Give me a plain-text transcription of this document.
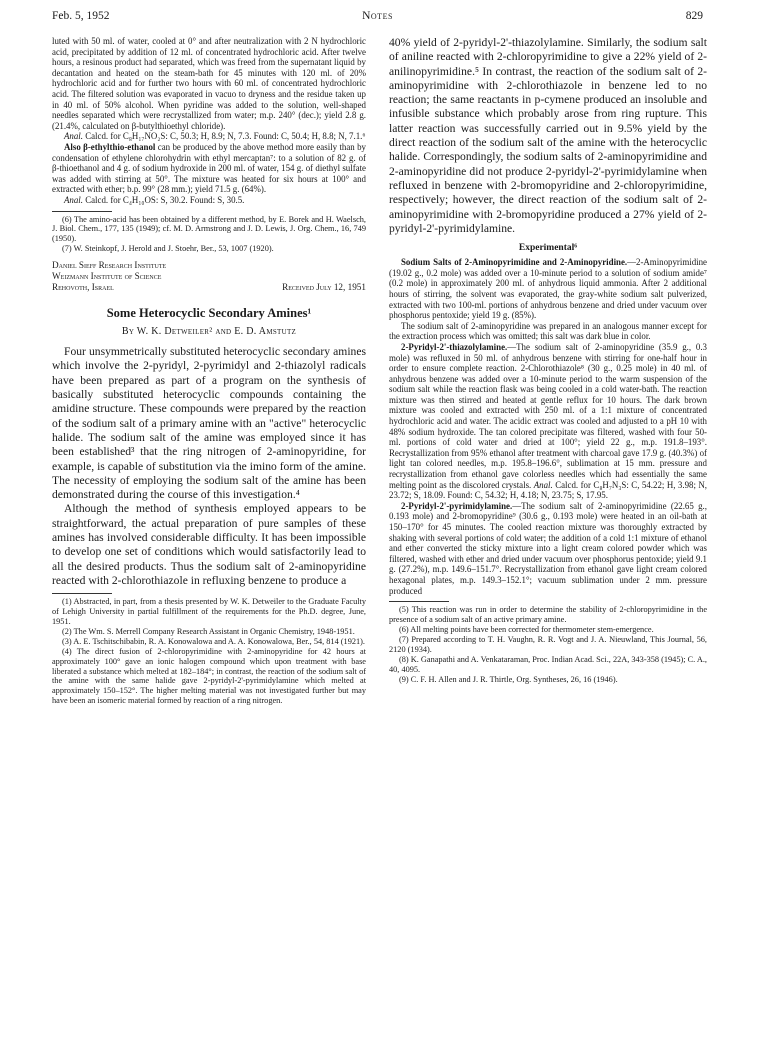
Feb. 5, 1952	Notes	829

luted with 50 ml. of water, cooled at 0° and after neutralization with 2 N hydrochloric acid, precipitated by addition of 12 ml. of concentrated hydrochloric acid. After twelve hours, a resinous product had separated, which was freed from the supernatant liquid by decantation and heated on the steam-bath for 45 minutes with 120 ml. of 20% hydrochloric acid and for further two hours with 60 ml. of concentrated hydrochloric acid. The filtered solution was evaporated in vacuo to dryness and the residue taken up in 40 ml. of 50% alcohol. When pyridine was added to the solution, well-shaped needles separated which were recrystallized from water; m.p. 240° (dec.); yield 2.8 g. (21.4%, calculated on β-butylthioethyl chloride).

Anal. Calcd. for C₈H₁₇NO₂S: C, 50.3; H, 8.9; N, 7.3. Found: C, 50.4; H, 8.8; N, 7.1.⁶

Also β-ethylthio-ethanol can be produced by the above method more easily than by condensation of ethylene chlorohydrin with ethyl mercaptan⁷: to a solution of 82 g. of β-thioethanol and 4 g. of sodium hydroxide in 200 ml. of water, 154 g. of diethyl sulfate was added with stirring at 50°. The mixture was heated for six hours at 100° and extracted with ether; b.p. 99° (28 mm.); yield 71.5 g. (64%).

Anal. Calcd. for C₄H₁₀OS: S, 30.2. Found: S, 30.5.

(6) The amino-acid has been obtained by a different method, by E. Borek and H. Waelsch, J. Biol. Chem., 177, 135 (1949); cf. M. D. Armstrong and J. D. Lewis, J. Org. Chem., 16, 749 (1950).

(7) W. Steinkopf, J. Herold and J. Stoehr, Ber., 53, 1007 (1920).

Daniel Sieff Research Institute
Weizmann Institute of Science
Rehovoth, Israel	Received July 12, 1951
Some Heterocyclic Secondary Amines¹
By W. K. Detweiler² and E. D. Amstutz

Four unsymmetrically substituted heterocyclic secondary amines which involve the 2-pyridyl, 2-pyrimidyl and 2-thiazolyl radicals have been prepared as part of a program on the synthesis of basically substituted heterocyclic compounds containing the amidine structure. These compounds were prepared by the reaction of the sodium salt of a primary amine with an "active" heterocyclic halide. The sodium salt of the amine was employed since it has been established³ that the ring nitrogen of 2-aminopyridine, for example, is capable of substitution via the imino form of the amine. The necessity of employing the sodium salt of the amine has been demonstrated during the course of this investigation.⁴

Although the method of synthesis employed appears to be straightforward, the actual preparation of pure samples of these amines has involved considerable difficulty. It has been impossible to develop one set of conditions which would satisfactorily lead to all the desired products. Thus the sodium salt of 2-aminopyridine reacted with 2-chlorothiazole in refluxing benzene to produce a

(1) Abstracted, in part, from a thesis presented by W. K. Detweiler to the Graduate Faculty of Lehigh University in partial fulfillment of the requirements for the Ph.D. degree, June, 1951.

(2) The Wm. S. Merrell Company Research Assistant in Organic Chemistry, 1948-1951.

(3) A. E. Tschitschibabin, R. A. Konowalowa and A. A. Konowalowa, Ber., 54, 814 (1921).

(4) The direct fusion of 2-chloropyrimidine with 2-aminopyridine for 42 hours at approximately 100° gave an ionic halogen compound which upon treatment with base liberated a substance which melted at 182–184°; in contrast, the reaction of the sodium salt of the amine with the same halide gave 2-pyridyl-2'-pyrimidylamine which melted at approximately 150–152°. The higher melting material was not investigated further but may have been an isomeric material formed by reaction of a ring nitrogen.

40% yield of 2-pyridyl-2'-thiazolylamine. Similarly, the sodium salt of aniline reacted with 2-chloropyrimidine to give a 22% yield of 2-anilinopyrimidine.⁵ In contrast, the reaction of the sodium salt of 2-aminopyrimidine with 2-chlorothiazole in benzene led to no reaction; the same reactants in p-cymene produced an insoluble and infusible substance which probably arose from ring rupture. This latter reaction was successfully carried out in 9.5% yield by the direct reaction of the sodium salt of the amine with the heterocyclic halide. Correspondingly, the sodium salts of 2-aminopyrimidine and 2-aminopyridine did not produce 2-pyridyl-2'-pyrimidylamine when refluxed in benzene with 2-bromopyridine and 2-chloropyrimidine, respectively; however, the direct reaction of the sodium salt of 2-aminopyrimidine with 2-bromopyridine produced a 27% yield of 2-pyridyl-2'-pyrimidylamine.

Experimental⁶

Sodium Salts of 2-Aminopyrimidine and 2-Aminopyridine.—2-Aminopyrimidine (19.02 g., 0.2 mole) was added over a 10-minute period to a solution of sodium amide⁷ (0.2 mole) in approximately 200 ml. of anhydrous liquid ammonia. After 2 additional hours of stirring, the solvent was evaporated, the gray-white sodium salt pulverized, extracted with two 100-ml. portions of anhydrous benzene and dried under vacuum over phosphorus pentoxide; yield 19 g. (85%).

The sodium salt of 2-aminopyridine was prepared in an analogous manner except for the extraction process which was omitted; this salt was dark blue in color.

2-Pyridyl-2'-thiazolylamine.—The sodium salt of 2-aminopyridine (35.9 g., 0.3 mole) was refluxed in 50 ml. of anhydrous benzene with stirring for one-half hour in order to ensure complete reaction. 2-Chlorothiazole⁸ (30 g., 0.25 mole) in 40 ml. of anhydrous benzene was added over a 10-minute period to the warm suspension of the sodium salt while the reaction flask was being cooled in a cold water-bath. The reaction mixture was then stirred and heated at gentle reflux for 10 hours. The dark brown mixture was cooled and extracted with 250 ml. of a 1:1 mixture of concentrated hydrochloric acid and water. The acidic extract was cooled and adjusted to a pH 10 with 48% sodium hydroxide. The tan colored precipitate was filtered, washed with four 50-ml. portions of cold water and dried at 100°; yield 22 g., m.p. 191.8–193°. Recrystallization from 95% ethanol after treatment with charcoal gave 17.9 g. (40.3%) of light tan colored needles, m.p. 195.8–196.6°, sublimation at 15 mm. pressure and recrystallization from ethanol gave colorless needles which had essentially the same melting point as the discolored crystals. Anal. Calcd. for C₈H₇N₃S: C, 54.22; H, 3.98; N, 23.72; S, 18.09. Found: C, 54.32; H, 4.18; N, 23.75; S, 17.95.

2-Pyridyl-2'-pyrimidylamine.—The sodium salt of 2-aminopyrimidine (22.65 g., 0.193 mole) and 2-bromopyridine⁹ (30.6 g., 0.193 mole) were heated in an oil-bath at 150–170° for 45 minutes. The cooled reaction mixture was thoroughly extracted by shaking with several portions of cold water; the addition of a cold 1:1 mixture of ethanol and ether converted the sticky mixture into a light cream colored powder which was filtered, washed with ether and dried under vacuum over phosphorus pentoxide; yield 9.1 g. (27.2%), m.p. 149.6–151.7°. Recrystallization from ethanol gave light cream colored hexagonal plates, m.p. 149.3–152.1°; vacuum sublimation under 2 mm. pressure produced

(5) This reaction was run in order to determine the stability of 2-chloropyrimidine in the presence of a sodium salt of an active primary amine.

(6) All melting points have been corrected for thermometer stem-emergence.

(7) Prepared according to T. H. Vaughn, R. R. Vogt and J. A. Nieuwland, This Journal, 56, 2120 (1934).

(8) K. Ganapathi and A. Venkataraman, Proc. Indian Acad. Sci., 22A, 343-358 (1945); C. A., 40, 4095.

(9) C. F. H. Allen and J. R. Thirtle, Org. Syntheses, 26, 16 (1946).
